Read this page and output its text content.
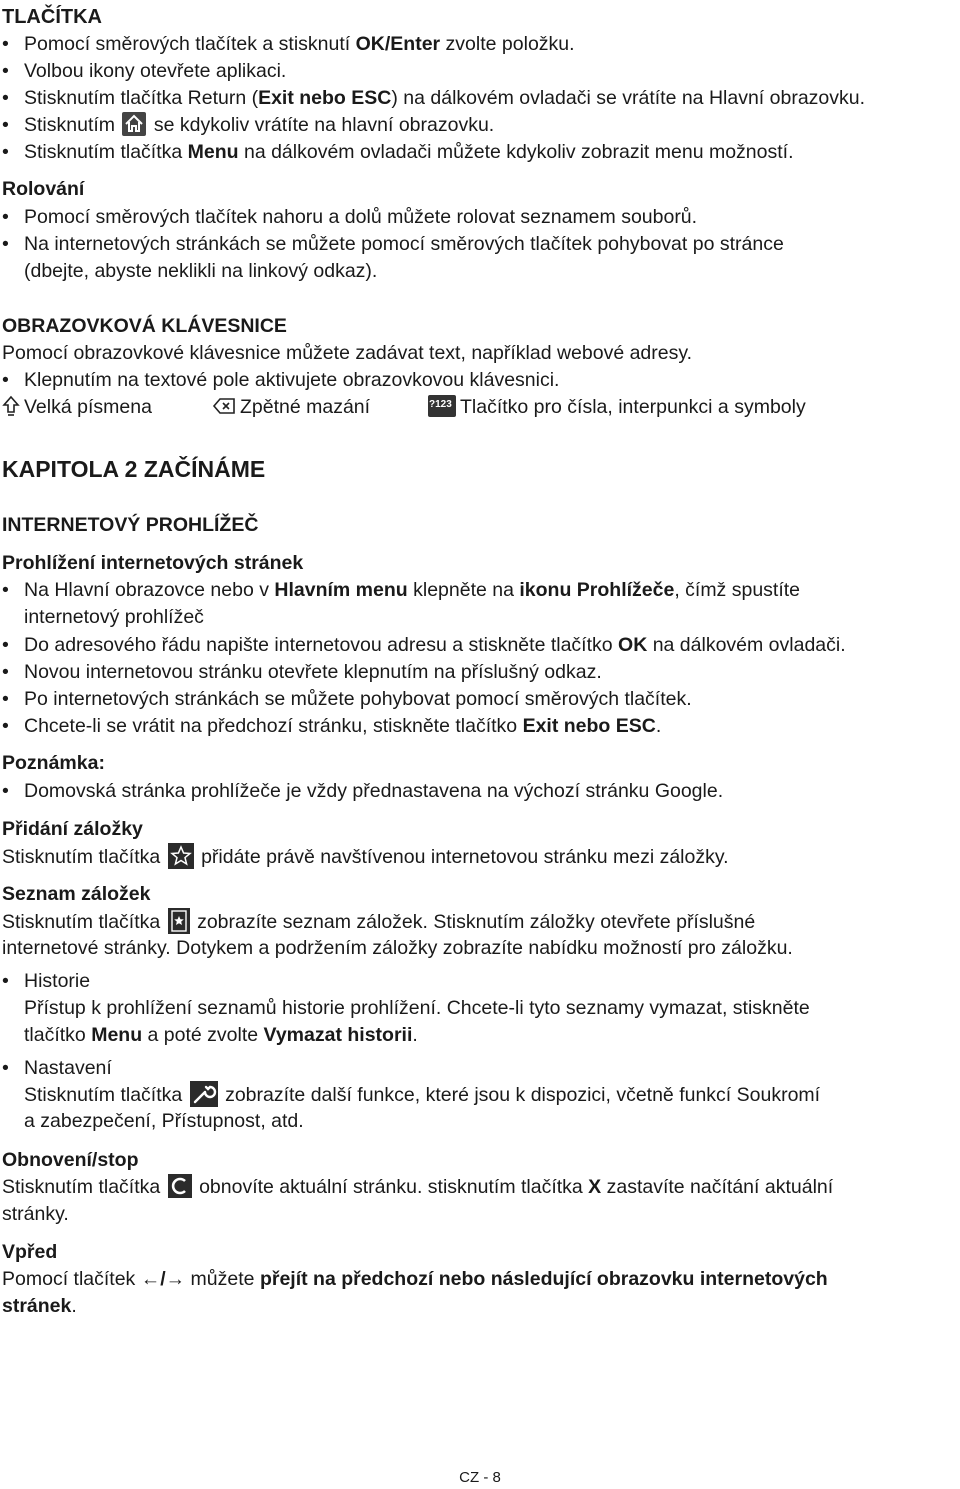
TLAČÍTKA
• Pomocí směrových tlačítek a stisknutí OK/Enter zvolte položku.
• Volbou ikony otevřete aplikaci.
• Stisknutím tlačítka Return (Exit nebo ESC) na dálkovém ovladači se vrátíte na Hlavní obrazovku.
• Stisknutím se kdykoliv vrátíte na hlavní obrazovku.
• Stisknutím tlačítka Menu na dálkovém ovladači můžete kdykoliv zobrazit menu možností.
Rolování
• Pomocí směrových tlačítek nahoru a dolů můžete rolovat seznamem souborů.
• Na internetových stránkách se můžete pomocí směrových tlačítek pohybovat po stránce
(dbejte, abyste neklikli na linkový odkaz).
OBRAZOVKOVÁ KLÁVESNICE
Pomocí obrazovkové klávesnice můžete zadávat text, například webové adresy.
• Klepnutím na textové pole aktivujete obrazovkovou klávesnici.
Velká písmena	Zpětné mazání	?123 Tlačítko pro čísla, interpunkci a symboly
KAPITOLA 2 ZAČÍNÁME
INTERNETOVÝ PROHLÍŽEČ
Prohlížení internetových stránek
• Na Hlavní obrazovce nebo v Hlavním menu klepněte na ikonu Prohlížeče, čímž spustíte
internetový prohlížeč
• Do adresového řádu napište internetovou adresu a stiskněte tlačítko OK na dálkovém ovladači.
• Novou internetovou stránku otevřete klepnutím na příslušný odkaz.
• Po internetových stránkách se můžete pohybovat pomocí směrových tlačítek.
• Chcete-li se vrátit na předchozí stránku, stiskněte tlačítko Exit nebo ESC.
Poznámka:
• Domovská stránka prohlížeče je vždy přednastavena na výchozí stránku Google.
Přidání záložky
Stisknutím tlačítka přidáte právě navštívenou internetovou stránku mezi záložky.
Seznam záložek
Stisknutím tlačítka zobrazíte seznam záložek. Stisknutím záložky otevřete příslušné
internetové stránky. Dotykem a podržením záložky zobrazíte nabídku možností pro záložku.
• Historie
Přístup k prohlížení seznamů historie prohlížení. Chcete-li tyto seznamy vymazat, stiskněte
tlačítko Menu a poté zvolte Vymazat historii.
• Nastavení
Stisknutím tlačítka zobrazíte další funkce, které jsou k dispozici, včetně funkcí Soukromí
a zabezpečení, Přístupnost, atd.
Obnovení/stop
Stisknutím tlačítka obnovíte aktuální stránku. stisknutím tlačítka X zastavíte načítání aktuální
stránky.
Vpřed
Pomocí tlačítek ←/→ můžete přejít na předchozí nebo následující obrazovku internetových
stránek.
CZ - 8
